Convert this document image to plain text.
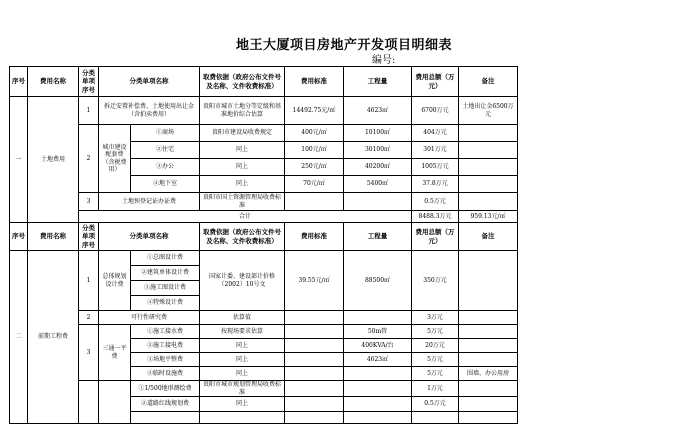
地王大厦项目房地产开发项目明细表
编号:
序号	费用名称	分类单项序号	分类单项名称		取费依据（政府公布文件号及名称、文件收费标准）	费用标准	工程量	费用总额（万元）	备注
一	土地费用	1	拆迁安置补偿费、土地使用出让金（含拍卖费用）		贵阳市城市土地分等定级和基准地价综合估算	14492.75元/㎡	4623㎡	6700万元	土地出让金6500万元
		2	城市建设配套费（含税费用）	①商场	贵阳市建设局收费规定	400元/㎡	10100㎡	404万元	
				②住宅	同上	100元/㎡	30100㎡	301万元	
				③办公	同上	250元/㎡	40200㎡	1005万元	
				④地下室	同上	70元/㎡	5400㎡	37.8万元	
		3	土地预登记证办证费		贵阳市国土资源管理局收费标准			0.5万元	
		合计						8488.3万元	959.13元/㎡
序号	费用名称	分类单项序号	分类单项名称		取费依据（政府公布文件号及名称、文件收费标准）	费用标准	工程量	费用总额（万元）	备注
二	前期工程费	1	总体规划设计费	①总图设计费	国家计委、建设部计价格（2002）10号文	39.55元/㎡	88500㎡	350万元	
				②建筑单体设计费					
				③施工图设计费					
				④特殊设计费					
		2	可行性研究费		估算值			3万元	
		3	三通一平费	①施工接水费	按现场要求估算		50m管	5万元	
				②施工接电费	同上		400KVA/台	20万元	
				③场地平整费	同上		4623㎡	5万元	
				④临时设施费	同上			5万元	围墙、办公用房
				①1/500地形测绘费	贵阳市城市规划管理局收费标准			1万元	
				②道路红线规划费	同上			0.5万元	
